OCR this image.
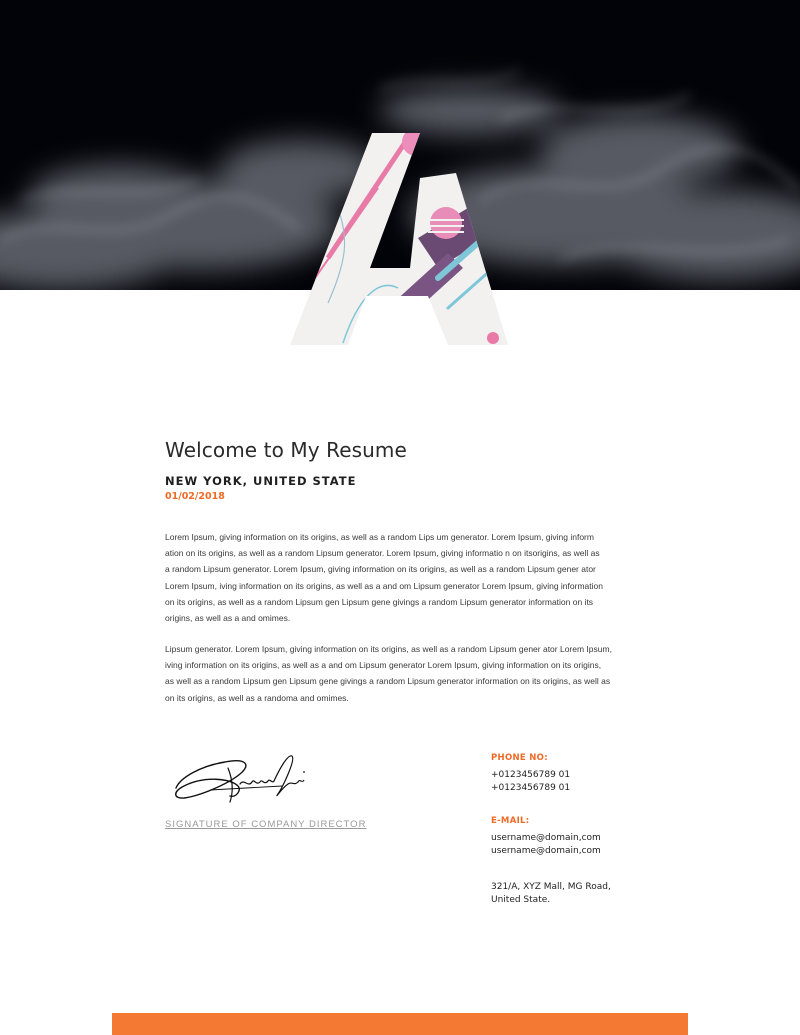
Welcome to My Resume
NEW YORK, UNITED STATE
01/02/2018
Lorem Ipsum, giving information on its origins, as well as a random Lips um generator. Lorem Ipsum, giving inform
ation on its origins, as well as a random Lipsum generator. Lorem Ipsum, giving informatio n on itsorigins, as well as
a random Lipsum generator. Lorem Ipsum, giving information on its origins, as well as a random Lipsum gener ator
Lorem Ipsum, iving information on its origins, as well as a and om Lipsum generator Lorem Ipsum, giving information
on its origins, as well as a random Lipsum gen Lipsum gene givings a random Lipsum generator information on its
origins, as well as a and omimes.
Lipsum generator. Lorem Ipsum, giving information on its origins, as well as a random Lipsum gener ator Lorem Ipsum,
iving information on its origins, as well as a and om Lipsum generator Lorem Ipsum, giving information on its origins,
as well as a random Lipsum gen Lipsum gene givings a random Lipsum generator information on its origins, as well as
on its origins, as well as a randoma and omimes.
SIGNATURE OF COMPANY DIRECTOR
PHONE NO:
+0123456789 01
+0123456789 01
E-MAIL:
username@domain,com
username@domain,com
321/A, XYZ Mall, MG Road,
United State.
